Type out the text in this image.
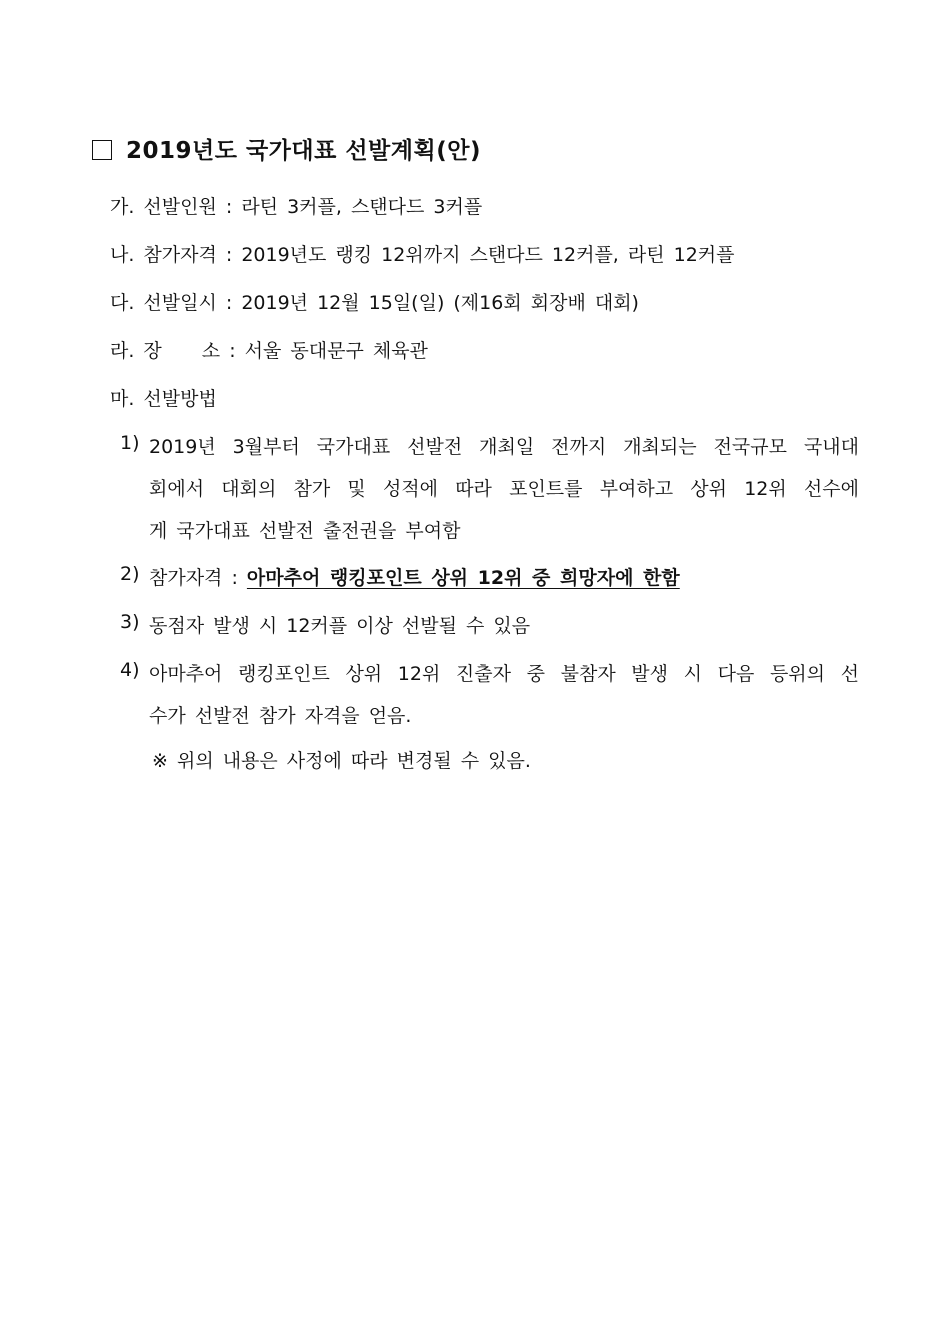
2019년도 국가대표 선발계획(안)
가. 선발인원 : 라틴 3커플, 스탠다드 3커플
나. 참가자격 : 2019년도 랭킹 12위까지 스탠다드 12커플, 라틴 12커플
다. 선발일시 : 2019년 12월 15일(일) (제16회 회장배 대회)
라. 장 소 : 서울 동대문구 체육관
마. 선발방법
1) 2019년 3월부터 국가대표 선발전 개최일 전까지 개최되는 전국규모 국내대
회에서 대회의 참가 및 성적에 따라 포인트를 부여하고 상위 12위 선수에
게 국가대표 선발전 출전권을 부여함
2) 참가자격 : 아마추어 랭킹포인트 상위 12위 중 희망자에 한함
3) 동점자 발생 시 12커플 이상 선발될 수 있음
4) 아마추어 랭킹포인트 상위 12위 진출자 중 불참자 발생 시 다음 등위의 선
수가 선발전 참가 자격을 얻음.
※ 위의 내용은 사정에 따라 변경될 수 있음.
